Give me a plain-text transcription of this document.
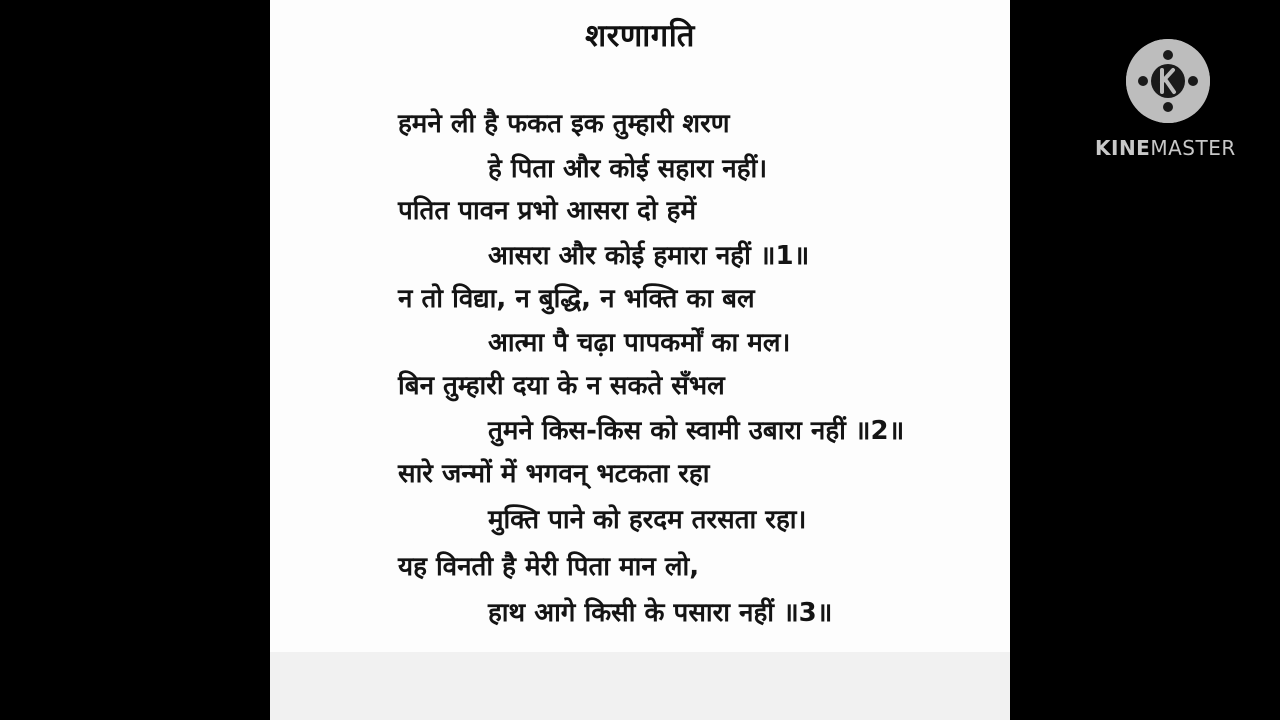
शरणागति
हमने ली है फकत इक तुम्हारी शरण
हे पिता और कोई सहारा नहीं।
पतित पावन प्रभो आसरा दो हमें
आसरा और कोई हमारा नहीं ॥1॥
न तो विद्या, न बुद्धि, न भक्ति का बल
आत्मा पै चढ़ा पापकर्मों का मल।
बिन तुम्हारी दया के न सकते सँभल
तुमने किस-किस को स्वामी उबारा नहीं ॥2॥
सारे जन्मों में भगवन् भटकता रहा
मुक्ति पाने को हरदम तरसता रहा।
यह विनती है मेरी पिता मान लो,
हाथ आगे किसी के पसारा नहीं ॥3॥
KINEMASTER
